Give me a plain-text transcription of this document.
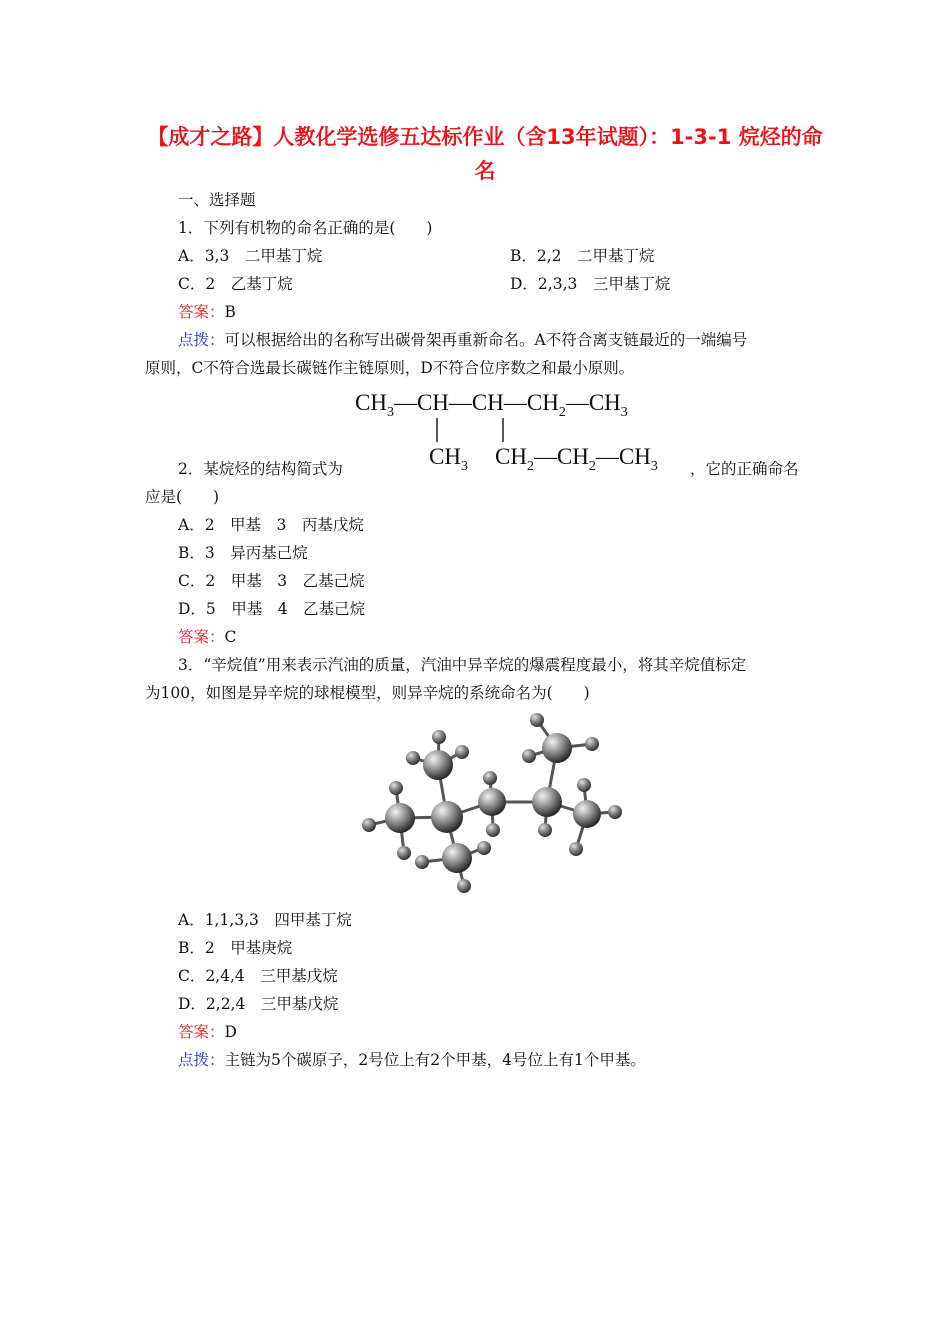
【成才之路】人教化学选修五达标作业（含13年试题）：1-3-1 烷烃的命名
一、选择题
1．下列有机物的命名正确的是(　　)
A．3,3　二甲基丁烷	B．2,2　二甲基丁烷
C．2　乙基丁烷	D．2,3,3　三甲基丁烷
答案：B
点拨：可以根据给出的名称写出碳骨架再重新命名。A不符合离支链最近的一端编号
原则，C不符合选最长碳链作主链原则，D不符合位序数之和最小原则。
$CH_3—CH—CH—CH_2—CH_3$
$CH_3$ $CH_2—CH_2—CH_3$
2．某烷烃的结构简式为	，它的正确命名
应是(　　)
A．2　甲基　3　丙基戊烷
B．3　异丙基己烷
C．2　甲基　3　乙基己烷
D．5　甲基　4　乙基己烷
答案：C
3．“辛烷值”用来表示汽油的质量，汽油中异辛烷的爆震程度最小，将其辛烷值标定
为100，如图是异辛烷的球棍模型，则异辛烷的系统命名为(　　)
A．1,1,3,3　四甲基丁烷
B．2　甲基庚烷
C．2,4,4　三甲基戊烷
D．2,2,4　三甲基戊烷
答案：D
点拨：主链为5个碳原子，2号位上有2个甲基，4号位上有1个甲基。
